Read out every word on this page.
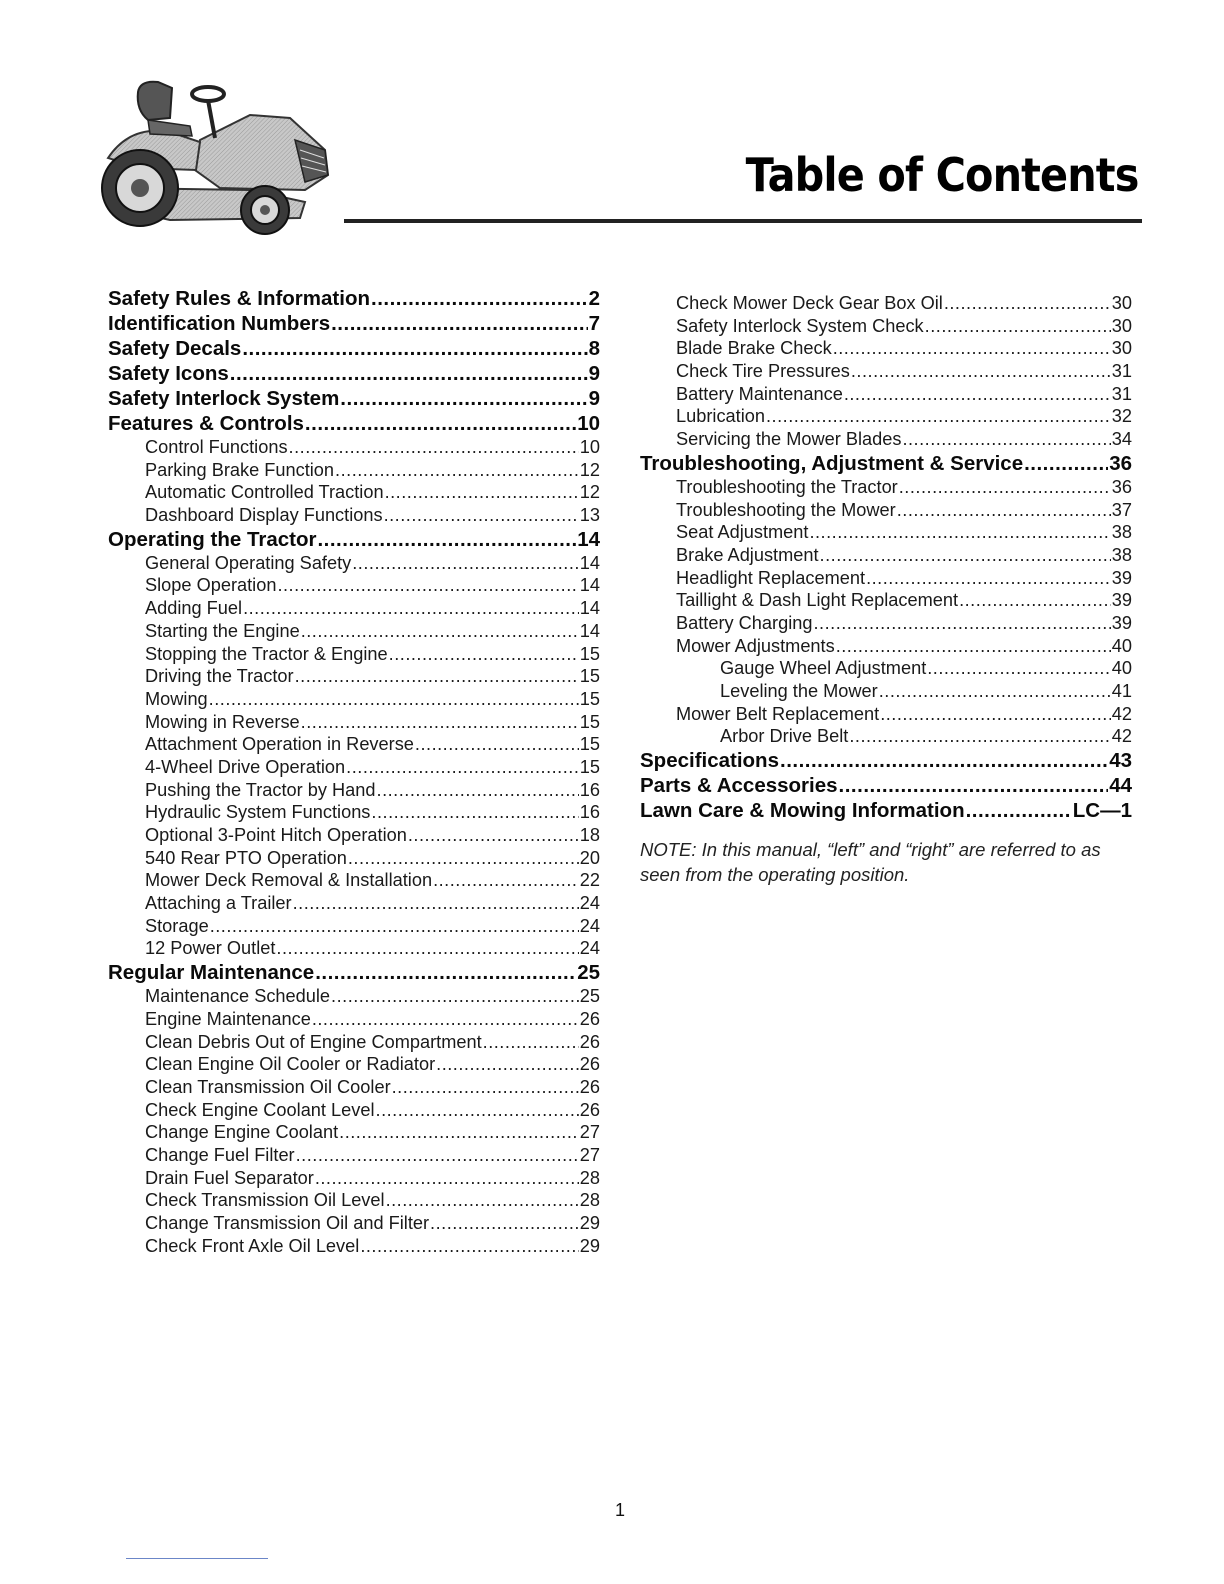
Table of Contents
Safety Rules & Information .....	2
Identification Numbers .....	7
Safety Decals .....	8
Safety Icons .....	9
Safety Interlock System .....	9
Features & Controls .....	10
Control Functions .....	10
Parking Brake Function .....	12
Automatic Controlled Traction .....	12
Dashboard Display Functions .....	13
Operating the Tractor .....	14
General Operating Safety .....	14
Slope Operation .....	14
Adding Fuel .....	14
Starting the Engine .....	14
Stopping the Tractor & Engine .....	15
Driving the Tractor .....	15
Mowing .....	15
Mowing in Reverse .....	15
Attachment Operation in Reverse .....	15
4-Wheel Drive Operation .....	15
Pushing the Tractor by Hand .....	16
Hydraulic System Functions .....	16
Optional 3-Point Hitch Operation .....	18
540 Rear PTO Operation .....	20
Mower Deck Removal & Installation .....	22
Attaching a Trailer .....	24
Storage .....	24
12 Power Outlet .....	24
Regular Maintenance .....	25
Maintenance Schedule .....	25
Engine Maintenance .....	26
Clean Debris Out of Engine Compartment .....	26
Clean Engine Oil Cooler or Radiator .....	26
Clean Transmission Oil Cooler .....	26
Check Engine Coolant Level .....	26
Change Engine Coolant .....	27
Change Fuel Filter .....	27
Drain Fuel Separator .....	28
Check Transmission Oil Level .....	28
Change Transmission Oil and Filter .....	29
Check Front Axle Oil Level .....	29
Check Mower Deck Gear Box Oil .....	30
Safety Interlock System Check .....	30
Blade Brake Check .....	30
Check Tire Pressures .....	31
Battery Maintenance .....	31
Lubrication .....	32
Servicing the Mower Blades .....	34
Troubleshooting, Adjustment & Service .....	36
Troubleshooting the Tractor .....	36
Troubleshooting the Mower .....	37
Seat Adjustment .....	38
Brake Adjustment .....	38
Headlight Replacement .....	39
Taillight & Dash Light Replacement .....	39
Battery Charging .....	39
Mower Adjustments .....	40
Gauge Wheel Adjustment .....	40
Leveling the Mower .....	41
Mower Belt Replacement .....	42
Arbor Drive Belt .....	42
Specifications .....	43
Parts & Accessories .....	44
Lawn Care & Mowing Information .....	LC—1
NOTE: In this manual, “left” and “right” are referred to as seen from the operating position.
1
